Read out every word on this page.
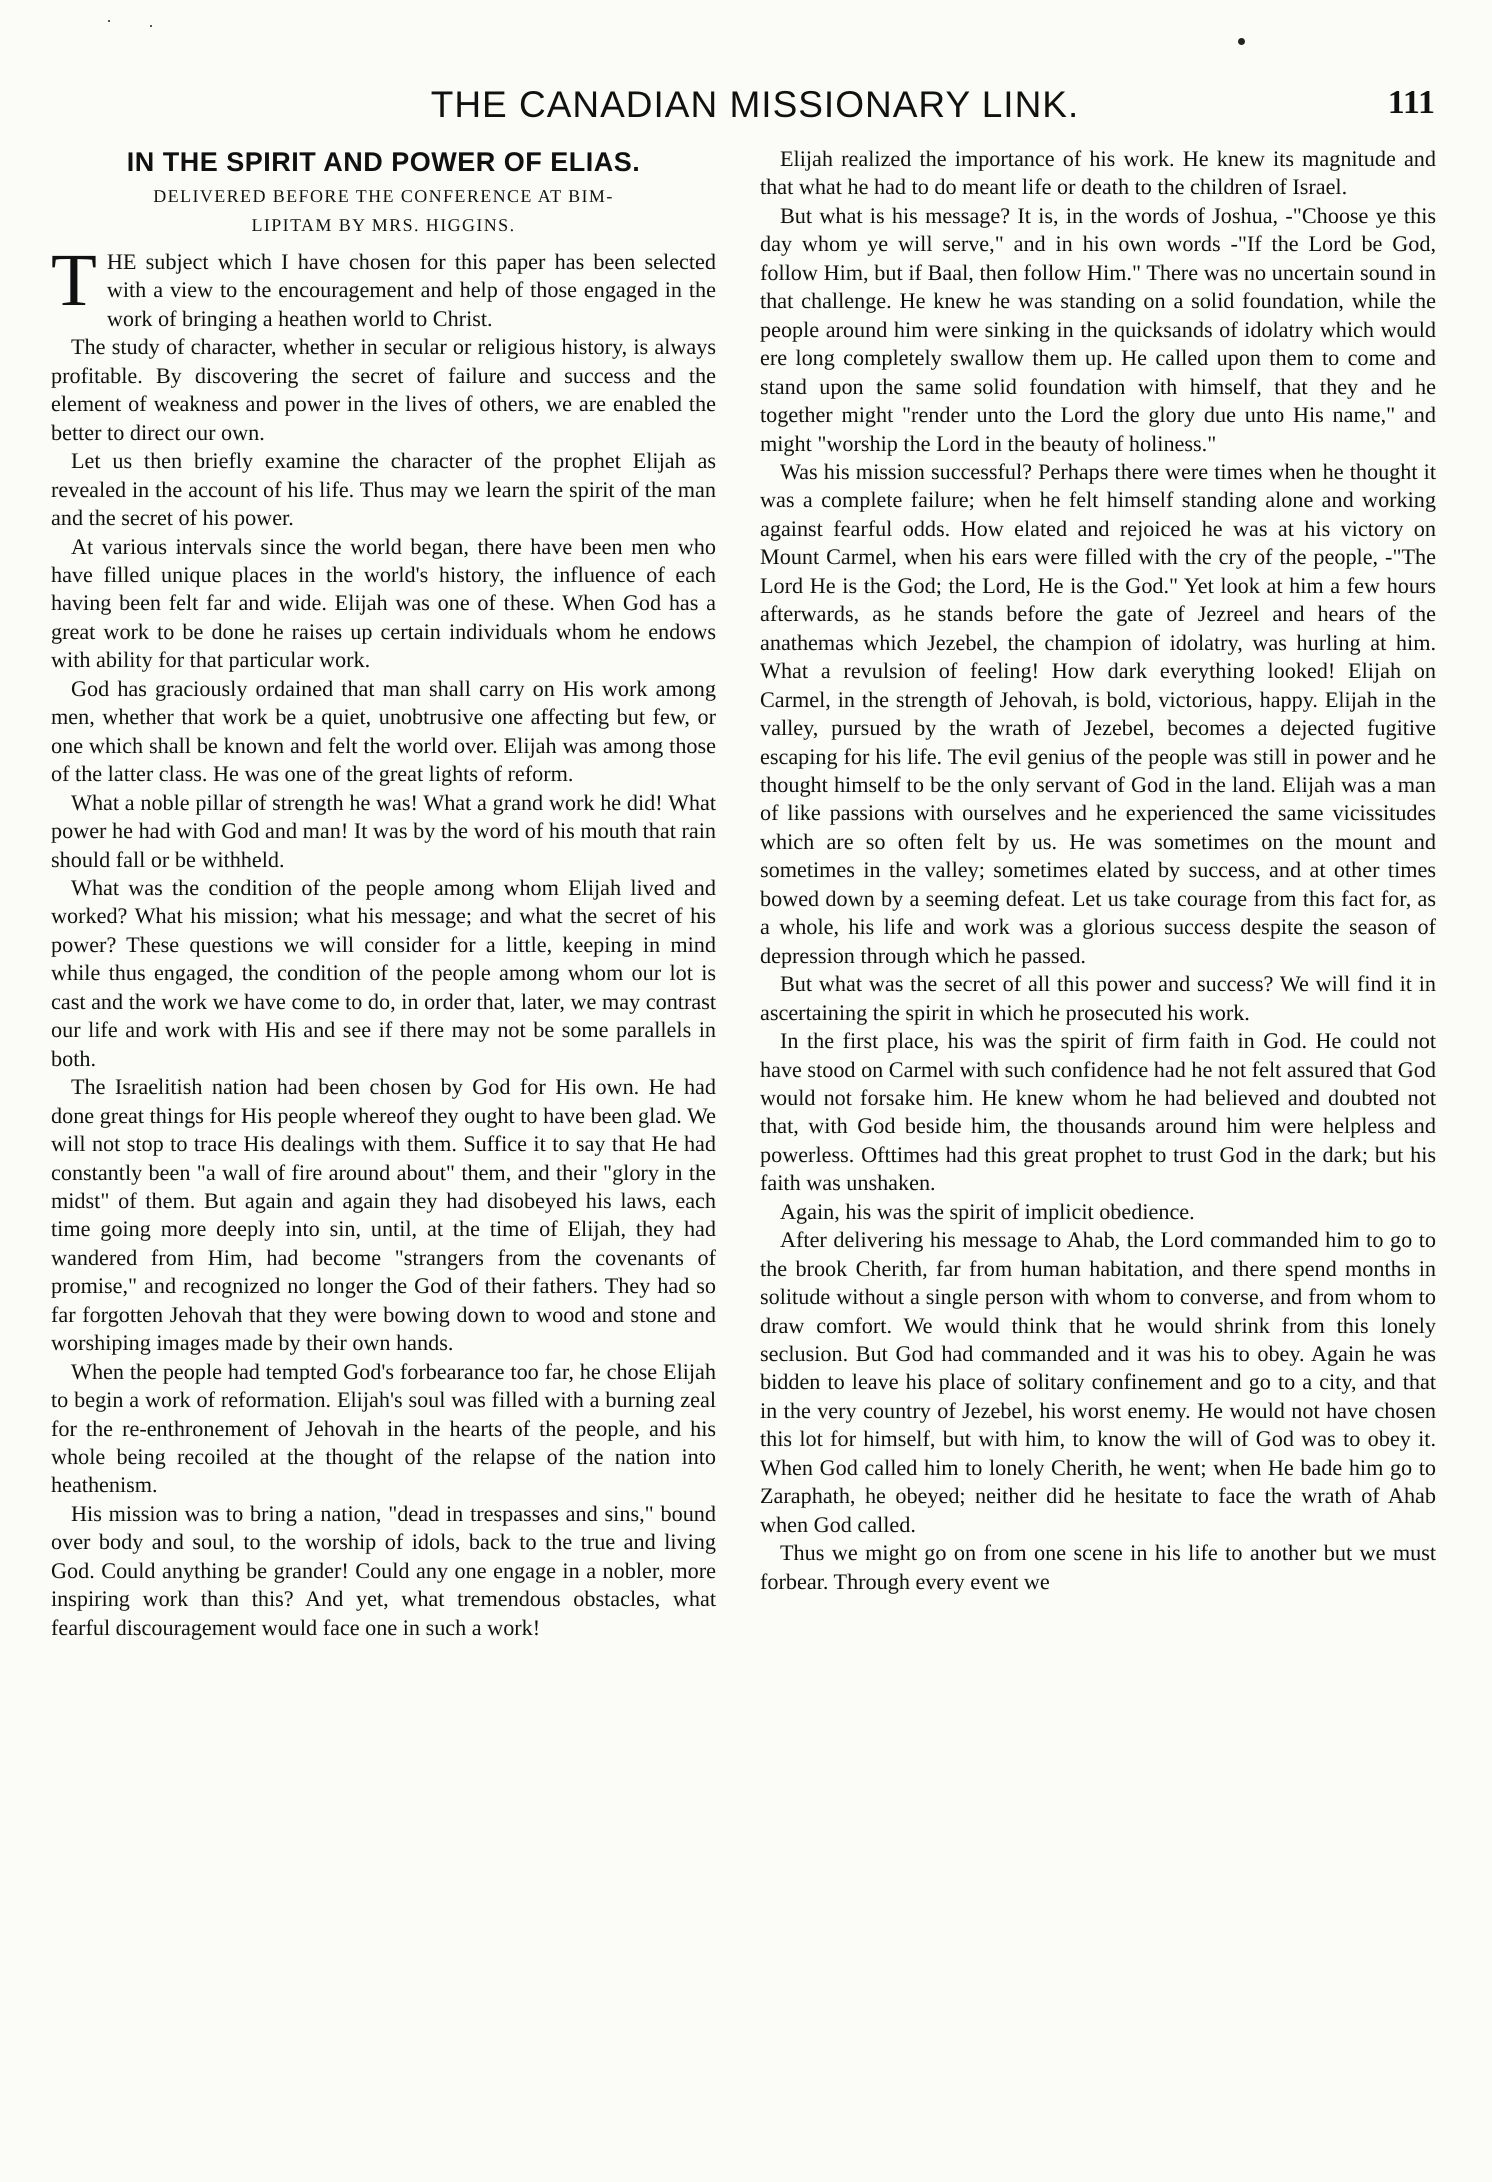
THE CANADIAN MISSIONARY LINK.	111
IN THE SPIRIT AND POWER OF ELIAS.
DELIVERED BEFORE THE CONFERENCE AT BIM-
LIPITAM BY MRS. HIGGINS.

THE subject which I have chosen for this paper has been selected with a view to the encouragement and help of those engaged in the work of bringing a heathen world to Christ.

The study of character, whether in secular or religious history, is always profitable. By discovering the secret of failure and success and the element of weakness and power in the lives of others, we are enabled the better to direct our own.

Let us then briefly examine the character of the prophet Elijah as revealed in the account of his life. Thus may we learn the spirit of the man and the secret of his power.

At various intervals since the world began, there have been men who have filled unique places in the world's history, the influence of each having been felt far and wide. Elijah was one of these. When God has a great work to be done he raises up certain individuals whom he endows with ability for that particular work.

God has graciously ordained that man shall carry on His work among men, whether that work be a quiet, unobtrusive one affecting but few, or one which shall be known and felt the world over. Elijah was among those of the latter class. He was one of the great lights of reform.

What a noble pillar of strength he was! What a grand work he did! What power he had with God and man! It was by the word of his mouth that rain should fall or be withheld.

What was the condition of the people among whom Elijah lived and worked? What his mission; what his message; and what the secret of his power? These questions we will consider for a little, keeping in mind while thus engaged, the condition of the people among whom our lot is cast and the work we have come to do, in order that, later, we may contrast our life and work with His and see if there may not be some parallels in both.

The Israelitish nation had been chosen by God for His own. He had done great things for His people whereof they ought to have been glad. We will not stop to trace His dealings with them. Suffice it to say that He had constantly been "a wall of fire around about" them, and their "glory in the midst" of them. But again and again they had disobeyed his laws, each time going more deeply into sin, until, at the time of Elijah, they had wandered from Him, had become "strangers from the covenants of promise," and recognized no longer the God of their fathers. They had so far forgotten Jehovah that they were bowing down to wood and stone and worshiping images made by their own hands.

When the people had tempted God's forbearance too far, he chose Elijah to begin a work of reformation. Elijah's soul was filled with a burning zeal for the re-enthronement of Jehovah in the hearts of the people, and his whole being recoiled at the thought of the relapse of the nation into heathenism.

His mission was to bring a nation, "dead in trespasses and sins," bound over body and soul, to the worship of idols, back to the true and living God. Could anything be grander! Could any one engage in a nobler, more inspiring work than this? And yet, what tremendous obstacles, what fearful discouragement would face one in such a work!

Elijah realized the importance of his work. He knew its magnitude and that what he had to do meant life or death to the children of Israel.

But what is his message? It is, in the words of Joshua, -"Choose ye this day whom ye will serve," and in his own words -"If the Lord be God, follow Him, but if Baal, then follow Him." There was no uncertain sound in that challenge. He knew he was standing on a solid foundation, while the people around him were sinking in the quicksands of idolatry which would ere long completely swallow them up. He called upon them to come and stand upon the same solid foundation with himself, that they and he together might "render unto the Lord the glory due unto His name," and might "worship the Lord in the beauty of holiness."

Was his mission successful? Perhaps there were times when he thought it was a complete failure; when he felt himself standing alone and working against fearful odds. How elated and rejoiced he was at his victory on Mount Carmel, when his ears were filled with the cry of the people, -"The Lord He is the God; the Lord, He is the God." Yet look at him a few hours afterwards, as he stands before the gate of Jezreel and hears of the anathemas which Jezebel, the champion of idolatry, was hurling at him. What a revulsion of feeling! How dark everything looked! Elijah on Carmel, in the strength of Jehovah, is bold, victorious, happy. Elijah in the valley, pursued by the wrath of Jezebel, becomes a dejected fugitive escaping for his life. The evil genius of the people was still in power and he thought himself to be the only servant of God in the land. Elijah was a man of like passions with ourselves and he experienced the same vicissitudes which are so often felt by us. He was sometimes on the mount and sometimes in the valley; sometimes elated by success, and at other times bowed down by a seeming defeat. Let us take courage from this fact for, as a whole, his life and work was a glorious success despite the season of depression through which he passed.

But what was the secret of all this power and success? We will find it in ascertaining the spirit in which he prosecuted his work.

In the first place, his was the spirit of firm faith in God. He could not have stood on Carmel with such confidence had he not felt assured that God would not forsake him. He knew whom he had believed and doubted not that, with God beside him, the thousands around him were helpless and powerless. Ofttimes had this great prophet to trust God in the dark; but his faith was unshaken.

Again, his was the spirit of implicit obedience.

After delivering his message to Ahab, the Lord commanded him to go to the brook Cherith, far from human habitation, and there spend months in solitude without a single person with whom to converse, and from whom to draw comfort. We would think that he would shrink from this lonely seclusion. But God had commanded and it was his to obey. Again he was bidden to leave his place of solitary confinement and go to a city, and that in the very country of Jezebel, his worst enemy. He would not have chosen this lot for himself, but with him, to know the will of God was to obey it. When God called him to lonely Cherith, he went; when He bade him go to Zaraphath, he obeyed; neither did he hesitate to face the wrath of Ahab when God called.

Thus we might go on from one scene in his life to another but we must forbear. Through every event we
